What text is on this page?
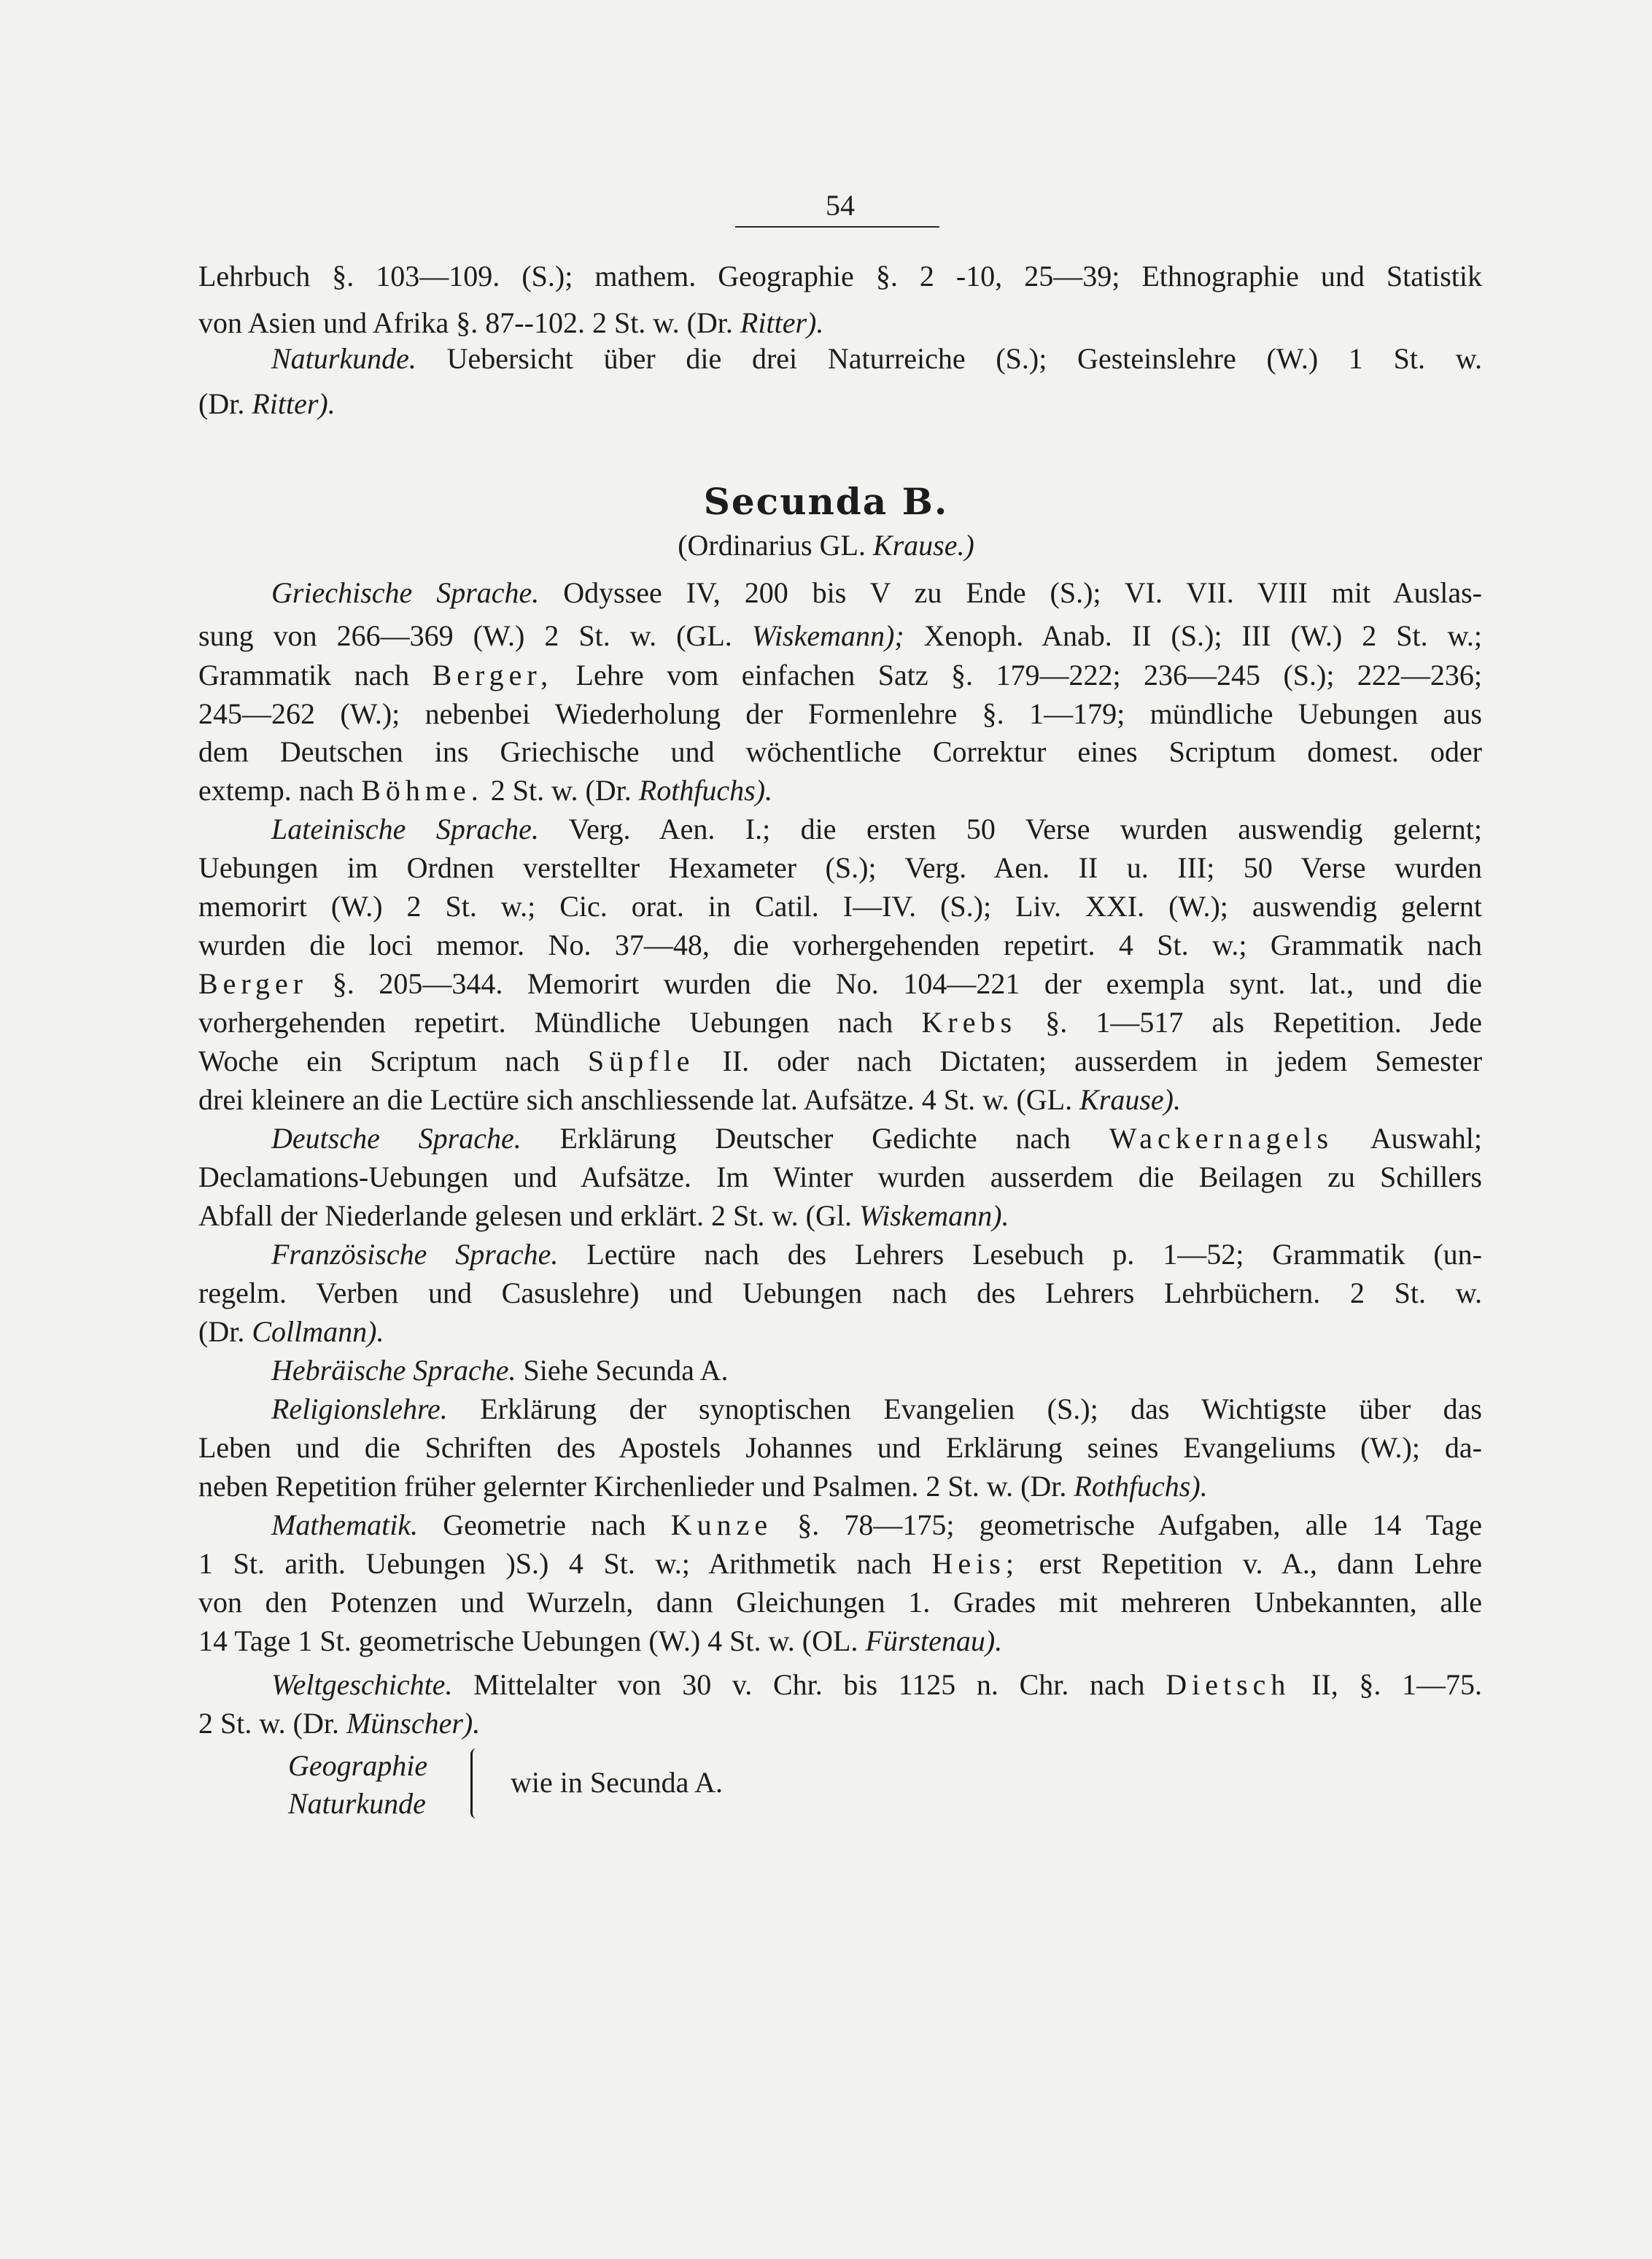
54
Lehrbuch §. 103—109. (S.); mathem. Geographie §. 2 -10, 25—39; Ethnographie und Statistik
von Asien und Afrika §. 87--102. 2 St. w. (Dr. Ritter).
Naturkunde. Uebersicht über die drei Naturreiche (S.); Gesteinslehre (W.) 1 St. w.
(Dr. Ritter).
Secunda B.
(Ordinarius GL. Krause.)
Griechische Sprache. Odyssee IV, 200 bis V zu Ende (S.); VI. VII. VIII mit Auslas-
sung von 266—369 (W.) 2 St. w. (GL. Wiskemann); Xenoph. Anab. II (S.); III (W.) 2 St. w.;
Grammatik nach Berger, Lehre vom einfachen Satz §. 179—222; 236—245 (S.); 222—236;
245—262 (W.); nebenbei Wiederholung der Formenlehre §. 1—179; mündliche Uebungen aus
dem Deutschen ins Griechische und wöchentliche Correktur eines Scriptum domest. oder
extemp. nach Böhme. 2 St. w. (Dr. Rothfuchs).
Lateinische Sprache. Verg. Aen. I.; die ersten 50 Verse wurden auswendig gelernt;
Uebungen im Ordnen verstellter Hexameter (S.); Verg. Aen. II u. III; 50 Verse wurden
memorirt (W.) 2 St. w.; Cic. orat. in Catil. I—IV. (S.); Liv. XXI. (W.); auswendig gelernt
wurden die loci memor. No. 37—48, die vorhergehenden repetirt. 4 St. w.; Grammatik nach
Berger §. 205—344. Memorirt wurden die No. 104—221 der exempla synt. lat., und die
vorhergehenden repetirt. Mündliche Uebungen nach Krebs §. 1—517 als Repetition. Jede
Woche ein Scriptum nach Süpfle II. oder nach Dictaten; ausserdem in jedem Semester
drei kleinere an die Lectüre sich anschliessende lat. Aufsätze. 4 St. w. (GL. Krause).
Deutsche Sprache. Erklärung Deutscher Gedichte nach Wackernagels Auswahl;
Declamations-Uebungen und Aufsätze. Im Winter wurden ausserdem die Beilagen zu Schillers
Abfall der Niederlande gelesen und erklärt. 2 St. w. (Gl. Wiskemann).
Französische Sprache. Lectüre nach des Lehrers Lesebuch p. 1—52; Grammatik (un-
regelm. Verben und Casuslehre) und Uebungen nach des Lehrers Lehrbüchern. 2 St. w.
(Dr. Collmann).
Hebräische Sprache. Siehe Secunda A.
Religionslehre. Erklärung der synoptischen Evangelien (S.); das Wichtigste über das
Leben und die Schriften des Apostels Johannes und Erklärung seines Evangeliums (W.); da-
neben Repetition früher gelernter Kirchenlieder und Psalmen. 2 St. w. (Dr. Rothfuchs).
Mathematik. Geometrie nach Kunze §. 78—175; geometrische Aufgaben, alle 14 Tage
1 St. arith. Uebungen )S.) 4 St. w.; Arithmetik nach Heis; erst Repetition v. A., dann Lehre
von den Potenzen und Wurzeln, dann Gleichungen 1. Grades mit mehreren Unbekannten, alle
14 Tage 1 St. geometrische Uebungen (W.) 4 St. w. (OL. Fürstenau).
Weltgeschichte. Mittelalter von 30 v. Chr. bis 1125 n. Chr. nach Dietsch II, §. 1—75.
2 St. w. (Dr. Münscher).
Geographie
Naturkunde
wie in Secunda A.
